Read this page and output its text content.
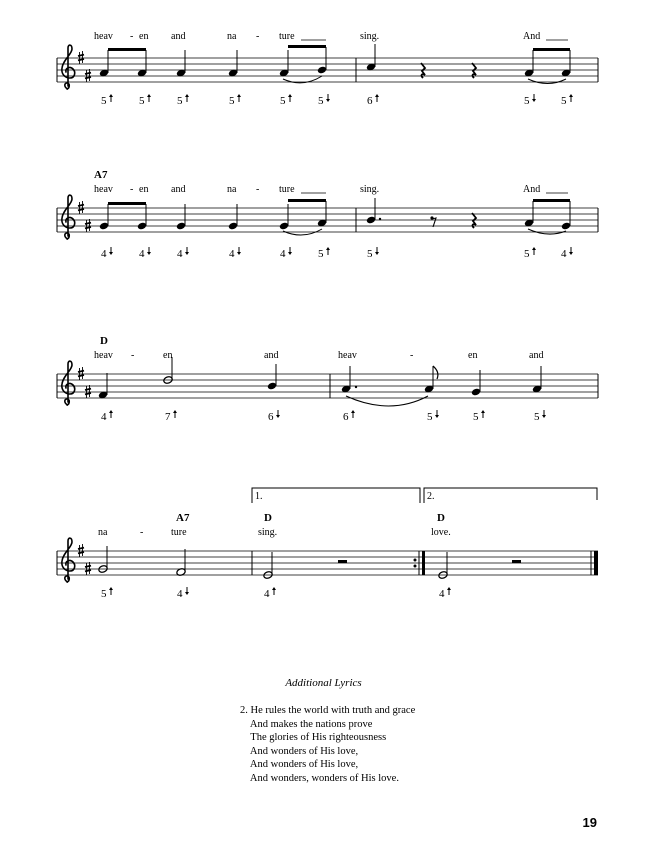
heav - en and	na - ture	sing.	And
5	5	5	5	5	5	6	5	5
A7
heav - en and	na - ture	sing.	And
4	4	4	4	4	5	5	5	4
D
heav -	en	and	heav	-	en	and
4	7	6	6	5	5	5
1.	2.
A7	D	D
na	-	ture	sing.	love.
5	4	4	4
Additional Lyrics
2. He rules the world with truth and grace
And makes the nations prove
The glories of His righteousness
And wonders of His love,
And wonders of His love,
And wonders, wonders of His love.
19
